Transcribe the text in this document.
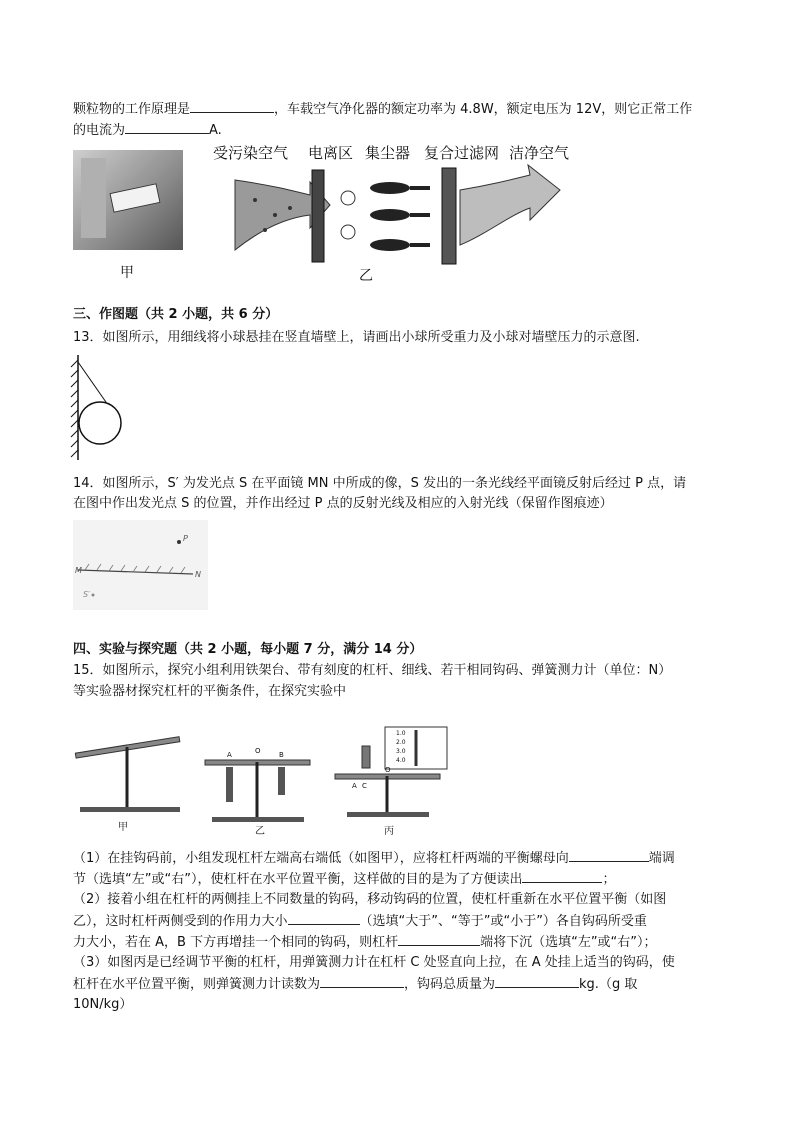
颗粒物的工作原理是	，车载空气净化器的额定功率为 4.8W，额定电压为 12V，则它正常工作
的电流为	A.
甲
受污染空气 电离区 集尘器 复合过滤网 洁净空气
乙
三、作图题（共 2 小题，共 6 分）
13．如图所示，用细线将小球悬挂在竖直墙壁上，请画出小球所受重力及小球对墙壁压力的示意图.
14．如图所示，S′ 为发光点 S 在平面镜 MN 中所成的像，S 发出的一条光线经平面镜反射后经过 P 点，请
在图中作出发光点 S 的位置，并作出经过 P 点的反射光线及相应的入射光线（保留作图痕迹）
P
M	N
S′
四、实验与探究题（共 2 小题，每小题 7 分，满分 14 分）
15．如图所示，探究小组利用铁架台、带有刻度的杠杆、细线、若干相同钩码、弹簧测力计（单位：N）
等实验器材探究杠杆的平衡条件，在探究实验中
甲
A	O	B
乙
1.0
2.0
3.0
4.0
A C
O
丙
（1）在挂钩码前，小组发现杠杆左端高右端低（如图甲），应将杠杆两端的平衡螺母向	端调
节（选填“左”或“右”），使杠杆在水平位置平衡，这样做的目的是为了方便读出	；
（2）接着小组在杠杆的两侧挂上不同数量的钩码，移动钩码的位置，使杠杆重新在水平位置平衡（如图
乙），这时杠杆两侧受到的作用力大小	（选填“大于”、“等于”或“小于”）各自钩码所受重
力大小，若在 A，B 下方再增挂一个相同的钩码，则杠杆	端将下沉（选填“左”或“右”）；
（3）如图丙是已经调节平衡的杠杆，用弹簧测力计在杠杆 C 处竖直向上拉，在 A 处挂上适当的钩码，使
杠杆在水平位置平衡，则弹簧测力计读数为	，钩码总质量为	kg.（g 取
10N/kg）
